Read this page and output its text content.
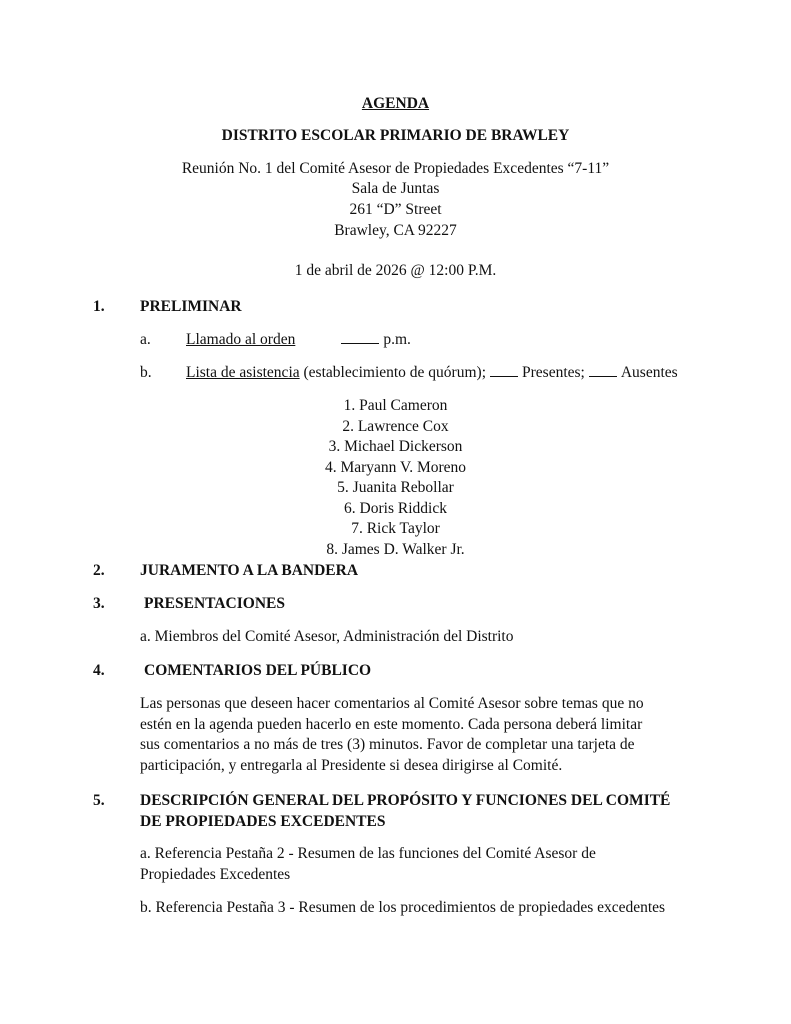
AGENDA
DISTRITO ESCOLAR PRIMARIO DE BRAWLEY
Reunión No. 1 del Comité Asesor de Propiedades Excedentes “7-11”
Sala de Juntas
261 “D” Street
Brawley, CA 92227
1 de abril de 2026 @ 12:00 P.M.
1. PRELIMINAR
a. Llamado al orden	p.m.
b. Lista de asistencia (establecimiento de quórum); Presentes; Ausentes
1. Paul Cameron
2. Lawrence Cox
3. Michael Dickerson
4. Maryann V. Moreno
5. Juanita Rebollar
6. Doris Riddick
7. Rick Taylor
8. James D. Walker Jr.
2. JURAMENTO A LA BANDERA
3.	PRESENTACIONES
a. Miembros del Comité Asesor, Administración del Distrito
4.	COMENTARIOS DEL PÚBLICO
Las personas que deseen hacer comentarios al Comité Asesor sobre temas que no estén en la agenda pueden hacerlo en este momento. Cada persona deberá limitar sus comentarios a no más de tres (3) minutos. Favor de completar una tarjeta de participación, y entregarla al Presidente si desea dirigirse al Comité.
5. DESCRIPCIÓN GENERAL DEL PROPÓSITO Y FUNCIONES DEL COMITÉ DE PROPIEDADES EXCEDENTES
a. Referencia Pestaña 2 - Resumen de las funciones del Comité Asesor de Propiedades Excedentes
b. Referencia Pestaña 3 - Resumen de los procedimientos de propiedades excedentes
